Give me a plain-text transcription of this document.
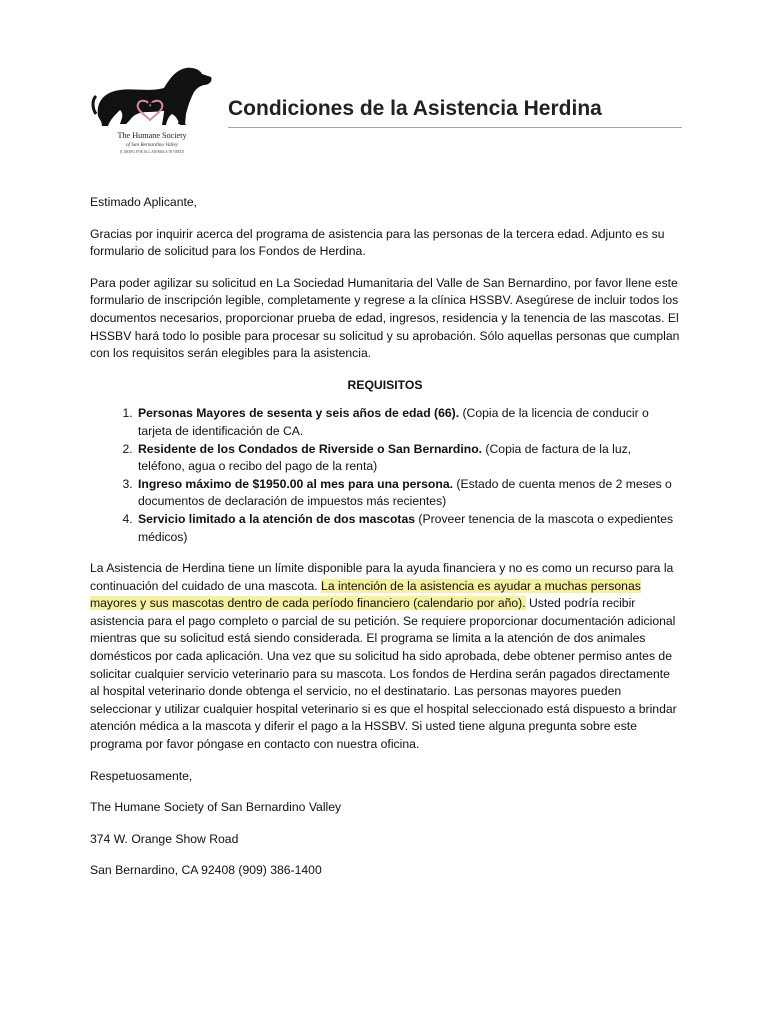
The Humane Society
of San Bernardino Valley
[CARING FOR ALL ANIMALS IN NEED]
Condiciones de la Asistencia Herdina

Estimado Aplicante,

Gracias por inquirir acerca del programa de asistencia para las personas de la tercera edad. Adjunto es su formulario de solicitud para los Fondos de Herdina.

Para poder agilizar su solicitud en La Sociedad Humanitaria del Valle de San Bernardino, por favor llene este formulario de inscripción legible, completamente y regrese a la clínica HSSBV. Asegúrese de incluir todos los documentos necesarios, proporcionar prueba de edad, ingresos, residencia y la tenencia de las mascotas. El HSSBV hará todo lo posible para procesar su solicitud y su aprobación. Sólo aquellas personas que cumplan con los requisitos serán elegibles para la asistencia.

REQUISITOS
1. Personas Mayores de sesenta y seis años de edad (66). (Copia de la licencia de conducir o tarjeta de identificación de CA.
2. Residente de los Condados de Riverside o San Bernardino. (Copia de factura de la luz, teléfono, agua o recibo del pago de la renta)
3. Ingreso máximo de $1950.00 al mes para una persona. (Estado de cuenta menos de 2 meses o documentos de declaración de impuestos más recientes)
4. Servicio limitado a la atención de dos mascotas (Proveer tenencia de la mascota o expedientes médicos)

La Asistencia de Herdina tiene un límite disponible para la ayuda financiera y no es como un recurso para la continuación del cuidado de una mascota. La intención de la asistencia es ayudar a muchas personas mayores y sus mascotas dentro de cada período financiero (calendario por año). Usted podría recibir asistencia para el pago completo o parcial de su petición. Se requiere proporcionar documentación adicional mientras que su solicitud está siendo considerada. El programa se limita a la atención de dos animales domésticos por cada aplicación. Una vez que su solicitud ha sido aprobada, debe obtener permiso antes de solicitar cualquier servicio veterinario para su mascota. Los fondos de Herdina serán pagados directamente al hospital veterinario donde obtenga el servicio, no el destinatario. Las personas mayores pueden seleccionar y utilizar cualquier hospital veterinario si es que el hospital seleccionado está dispuesto a brindar atención médica a la mascota y diferir el pago a la HSSBV. Si usted tiene alguna pregunta sobre este programa por favor póngase en contacto con nuestra oficina.

Respetuosamente,

The Humane Society of San Bernardino Valley

374 W. Orange Show Road

San Bernardino, CA 92408 (909) 386-1400
